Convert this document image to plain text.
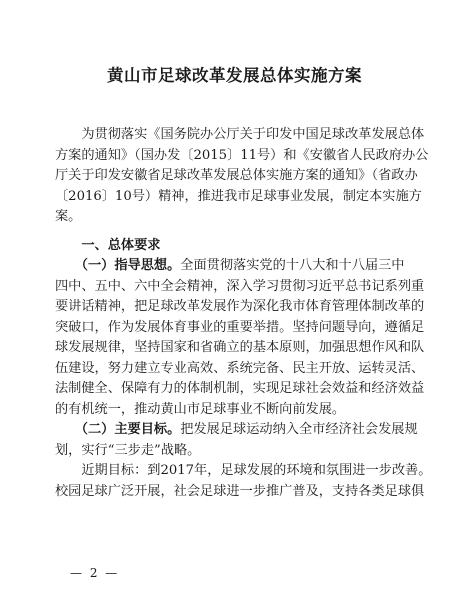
黄山市足球改革发展总体实施方案

　　为贯彻落实《国务院办公厅关于印发中国足球改革发展总体
方案的通知》（国办发〔2015〕11号）和《安徽省人民政府办公
厅关于印发安徽省足球改革发展总体实施方案的通知》（省政办
〔2016〕10号）精神，推进我市足球事业发展，制定本实施方
案。

　　一、总体要求

　　（一）指导思想。全面贯彻落实党的十八大和十八届三中
四中、五中、六中全会精神，深入学习贯彻习近平总书记系列重
要讲话精神，把足球改革发展作为深化我市体育管理体制改革的
突破口，作为发展体育事业的重要举措。坚持问题导向，遵循足
球发展规律，坚持国家和省确立的基本原则，加强思想作风和队
伍建设，努力建立专业高效、系统完备、民主开放、运转灵活、
法制健全、保障有力的体制机制，实现足球社会效益和经济效益
的有机统一，推动黄山市足球事业不断向前发展。

　　（二）主要目标。把发展足球运动纳入全市经济社会发展规
划，实行“三步走”战略。

　　近期目标：到2017年，足球发展的环境和氛围进一步改善。
校园足球广泛开展，社会足球进一步推广普及，支持各类足球俱

— 2 —
